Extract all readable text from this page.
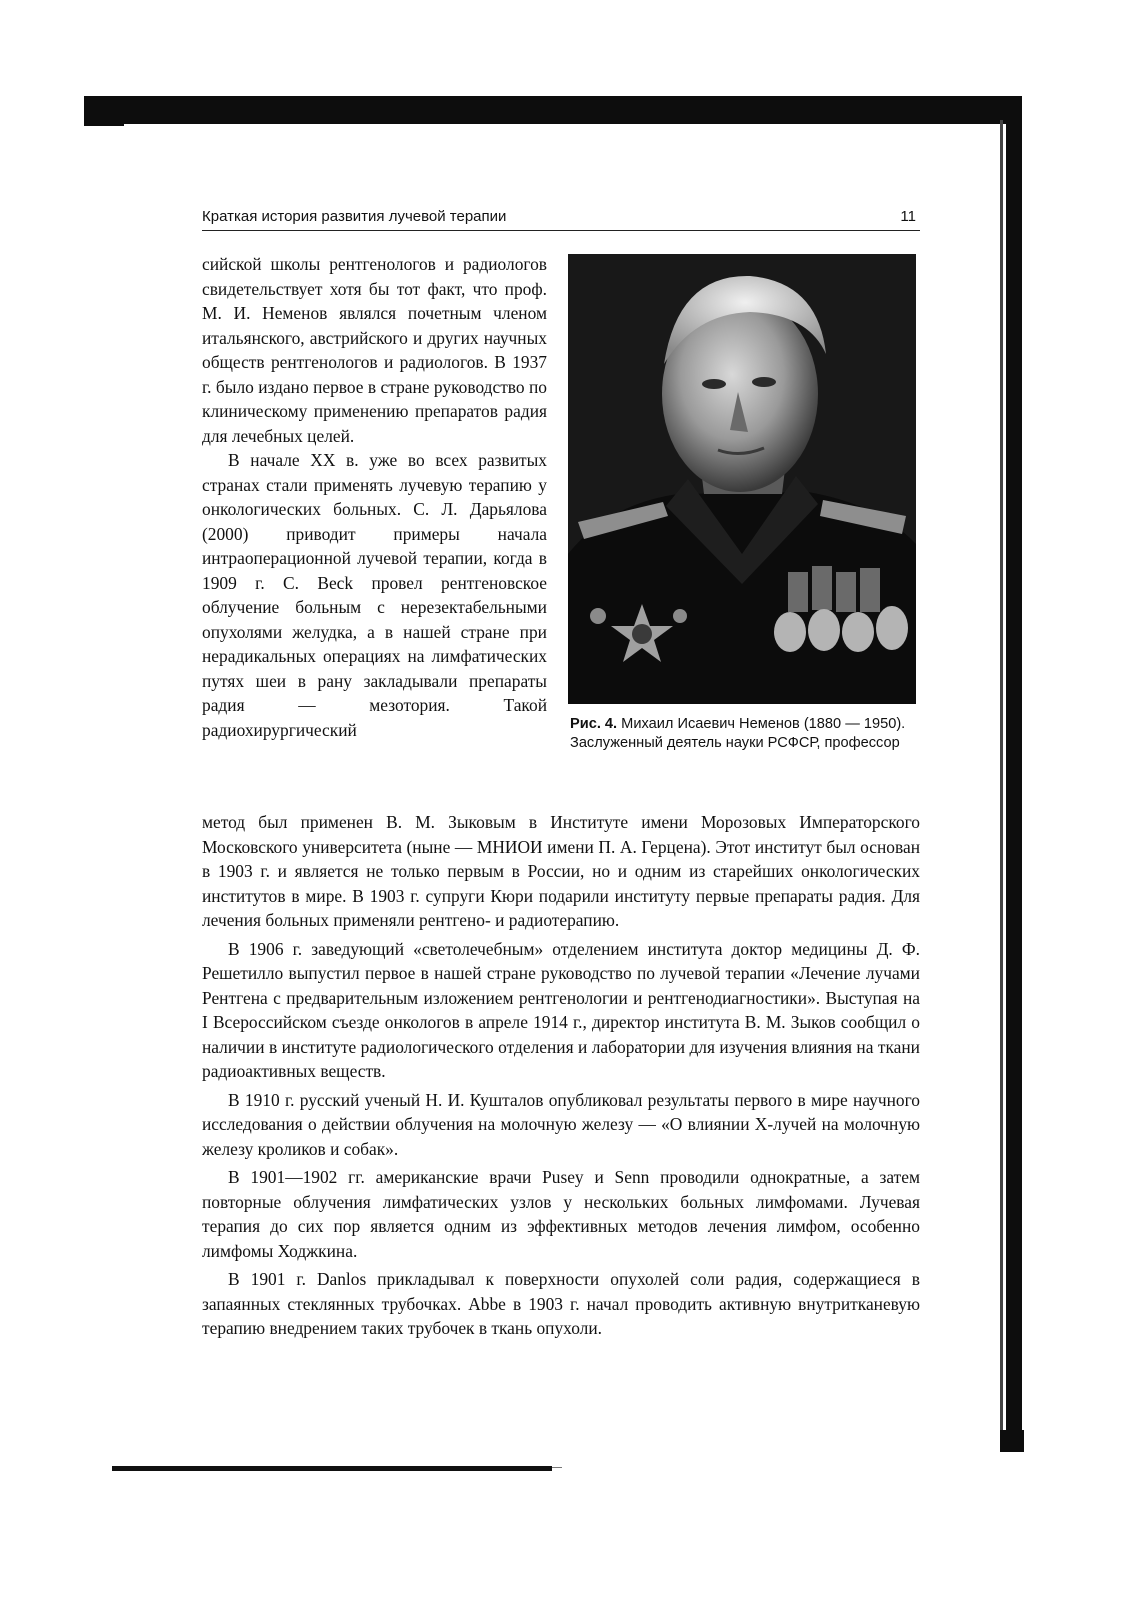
Краткая история развития лучевой терапии	11

сийской школы рентгенологов и радиологов свидетельствует хотя бы тот факт, что проф. М. И. Неменов являлся почетным членом итальянского, австрийского и других научных обществ рентгенологов и радиологов. В 1937 г. было издано первое в стране руководство по клиническому применению препаратов радия для лечебных целей.

В начале XX в. уже во всех развитых странах стали применять лучевую терапию у онкологических больных. С. Л. Дарьялова (2000) приводит примеры начала интраоперационной лучевой терапии, когда в 1909 г. C. Beck провел рентгеновское облучение больным с нерезектабельными опухолями желудка, а в нашей стране при нерадикальных операциях на лимфатических путях шеи в рану закладывали препараты радия — мезотория. Такой радиохирургический	Рис. 4. Михаил Исаевич Неменов (1880 — 1950). Заслуженный деятель науки РСФСР, профессор

метод был применен В. М. Зыковым в Институте имени Морозовых Императорского Московского университета (ныне — МНИОИ имени П. А. Герцена). Этот институт был основан в 1903 г. и является не только первым в России, но и одним из старейших онкологических институтов в мире. В 1903 г. супруги Кюри подарили институту первые препараты радия. Для лечения больных применяли рентгено- и радиотерапию.

В 1906 г. заведующий «светолечебным» отделением института доктор медицины Д. Ф. Решетилло выпустил первое в нашей стране руководство по лучевой терапии «Лечение лучами Рентгена с предварительным изложением рентгенологии и рентгенодиагностики». Выступая на I Всероссийском съезде онкологов в апреле 1914 г., директор института В. М. Зыков сообщил о наличии в институте радиологического отделения и лаборатории для изучения влияния на ткани радиоактивных веществ.

В 1910 г. русский ученый Н. И. Кушталов опубликовал результаты первого в мире научного исследования о действии облучения на молочную железу — «О влиянии Х-лучей на молочную железу кроликов и собак».

В 1901—1902 гг. американские врачи Pusey и Senn проводили однократные, а затем повторные облучения лимфатических узлов у нескольких больных лимфомами. Лучевая терапия до сих пор является одним из эффективных методов лечения лимфом, особенно лимфомы Ходжкина.

В 1901 г. Danlos прикладывал к поверхности опухолей соли радия, содержащиеся в запаянных стеклянных трубочках. Abbe в 1903 г. начал проводить активную внутритканевую терапию внедрением таких трубочек в ткань опухоли.
